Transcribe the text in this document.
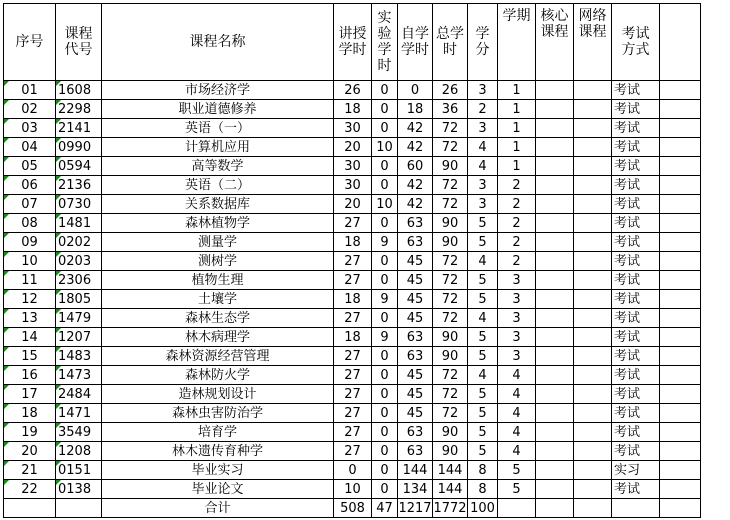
序号	课程代号	课程名称	讲授学时	实验学时	自学学时	总学时	学分	学期	核心课程	网络课程	考试方式	

01	1608	市场经济学	26	0	0	26	3	1			考试	
02	2298	职业道德修养	18	0	18	36	2	1			考试	
03	2141	英语（一）	30	0	42	72	3	1			考试	
04	0990	计算机应用	20	10	42	72	4	1			考试	
05	0594	高等数学	30	0	60	90	4	1			考试	
06	2136	英语（二）	30	0	42	72	3	2			考试	
07	0730	关系数据库	20	10	42	72	3	2			考试	
08	1481	森林植物学	27	0	63	90	5	2			考试	
09	0202	测量学	18	9	63	90	5	2			考试	
10	0203	测树学	27	0	45	72	4	2			考试	
11	2306	植物生理	27	0	45	72	5	3			考试	
12	1805	土壤学	18	9	45	72	5	3			考试	
13	1479	森林生态学	27	0	45	72	4	3			考试	
14	1207	林木病理学	18	9	63	90	5	3			考试	
15	1483	森林资源经营管理	27	0	63	90	5	3			考试	
16	1473	森林防火学	27	0	45	72	4	4			考试	
17	2484	造林规划设计	27	0	45	72	5	4			考试	
18	1471	森林虫害防治学	27	0	45	72	5	4			考试	
19	3549	培育学	27	0	63	90	5	4			考试	
20	1208	林木遗传育种学	27	0	63	90	5	4			考试	
21	0151	毕业实习	0	0	144	144	8	5			实习	
22	0138	毕业论文	10	0	134	144	8	5			考试	
		合计	508	47	1217	1772	100					
